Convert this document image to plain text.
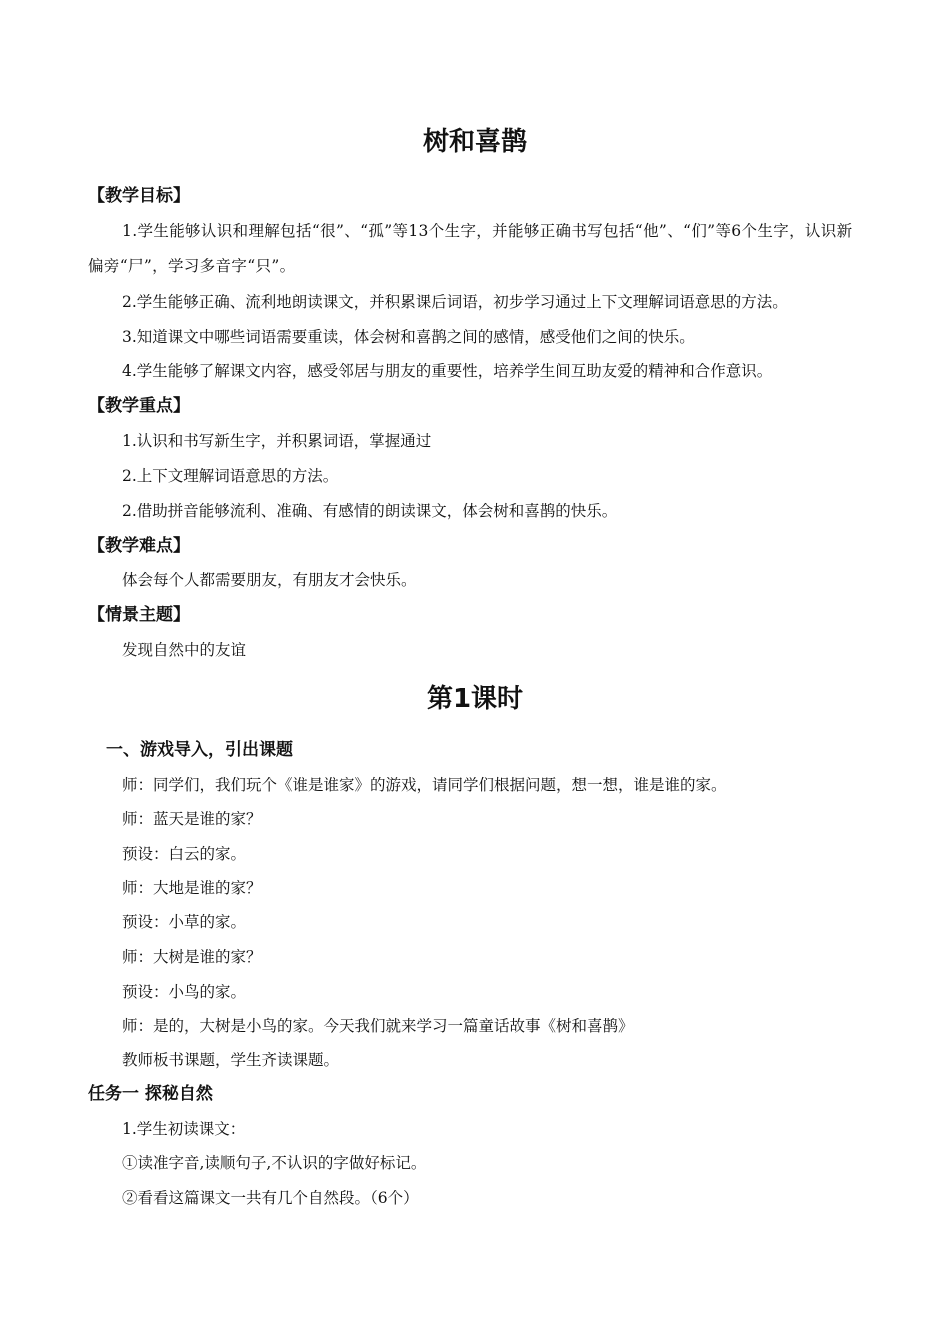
树和喜鹊
【教学目标】
1.学生能够认识和理解包括“很”、“孤”等13个生字，并能够正确书写包括“他”、“们”等6个生字，认识新偏旁“尸”，学习多音字“只”。
2.学生能够正确、流利地朗读课文，并积累课后词语，初步学习通过上下文理解词语意思的方法。
3.知道课文中哪些词语需要重读，体会树和喜鹊之间的感情，感受他们之间的快乐。
4.学生能够了解课文内容，感受邻居与朋友的重要性，培养学生间互助友爱的精神和合作意识。
【教学重点】
1.认识和书写新生字，并积累词语，掌握通过
2.上下文理解词语意思的方法。
2.借助拼音能够流利、准确、有感情的朗读课文，体会树和喜鹊的快乐。
【教学难点】
体会每个人都需要朋友，有朋友才会快乐。
【情景主题】
发现自然中的友谊
第1课时
一、游戏导入，引出课题
师：同学们，我们玩个《谁是谁家》的游戏，请同学们根据问题，想一想，谁是谁的家。
师：蓝天是谁的家？
预设：白云的家。
师：大地是谁的家？
预设：小草的家。
师：大树是谁的家？
预设：小鸟的家。
师：是的，大树是小鸟的家。今天我们就来学习一篇童话故事《树和喜鹊》
教师板书课题，学生齐读课题。
任务一 探秘自然
1.学生初读课文：
①读准字音,读顺句子,不认识的字做好标记。
②看看这篇课文一共有几个自然段。（6个）
